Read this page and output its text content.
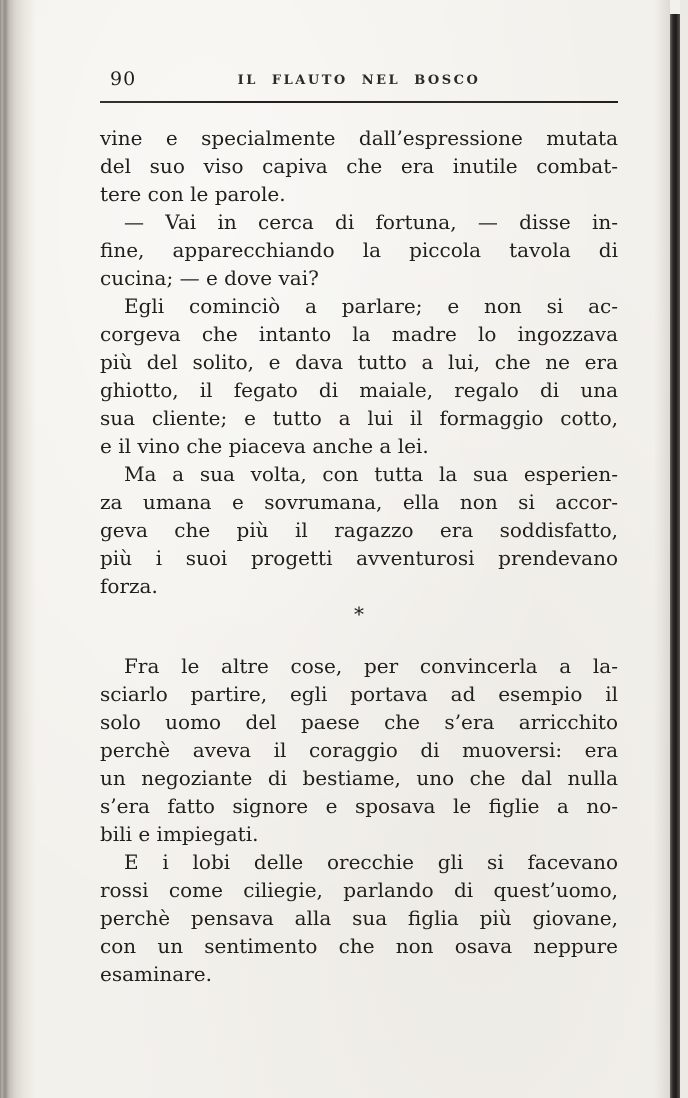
90	IL FLAUTO NEL BOSCO
vine e specialmente dall’espressione mutata
del suo viso capiva che era inutile combat-
tere con le parole.
— Vai in cerca di fortuna, — disse in-
fine, apparecchiando la piccola tavola di
cucina; — e dove vai?
Egli cominciò a parlare; e non si ac-
corgeva che intanto la madre lo ingozzava
più del solito, e dava tutto a lui, che ne era
ghiotto, il fegato di maiale, regalo di una
sua cliente; e tutto a lui il formaggio cotto,
e il vino che piaceva anche a lei.
Ma a sua volta, con tutta la sua esperien-
za umana e sovrumana, ella non si accor-
geva che più il ragazzo era soddisfatto,
più i suoi progetti avventurosi prendevano
forza.
*
Fra le altre cose, per convincerla a la-
sciarlo partire, egli portava ad esempio il
solo uomo del paese che s’era arricchito
perchè aveva il coraggio di muoversi: era
un negoziante di bestiame, uno che dal nulla
s’era fatto signore e sposava le figlie a no-
bili e impiegati.
E i lobi delle orecchie gli si facevano
rossi come ciliegie, parlando di quest’uomo,
perchè pensava alla sua figlia più giovane,
con un sentimento che non osava neppure
esaminare.
